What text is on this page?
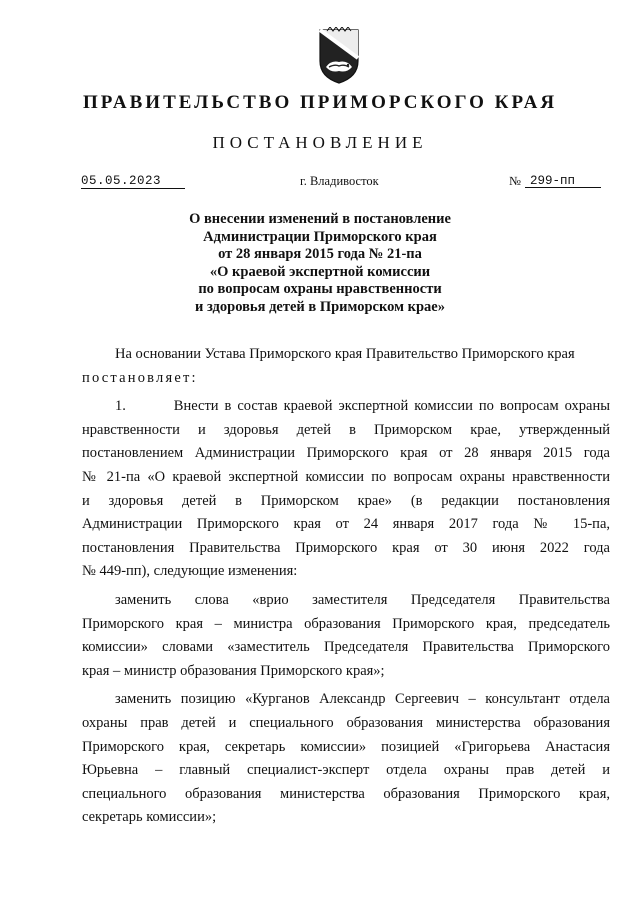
ПРАВИТЕЛЬСТВО ПРИМОРСКОГО КРАЯ
ПОСТАНОВЛЕНИЕ
05.05.2023	г. Владивосток	№ 299-пп
О внесении изменений в постановление
Администрации Приморского края
от 28 января 2015 года № 21-па
«О краевой экспертной комиссии
по вопросам охраны нравственности
и здоровья детей в Приморском крае»
На основании Устава Приморского края Правительство Приморского края
постановляет:
1.        Внести в состав краевой экспертной комиссии по вопросам охраны
нравственности и здоровья детей в Приморском крае, утвержденный
постановлением Администрации Приморского края от 28 января 2015 года
№ 21-па «О краевой экспертной комиссии по вопросам охраны нравственности
и здоровья детей в Приморском крае» (в редакции постановления
Администрации Приморского края от 24 января 2017 года № 15-па,
постановления Правительства Приморского края от 30 июня 2022 года
№ 449-пп), следующие изменения:
заменить слова «врио заместителя Председателя Правительства
Приморского края – министра образования Приморского края, председатель
комиссии» словами «заместитель Председателя Правительства Приморского
края – министр образования Приморского края»;
заменить позицию «Курганов Александр Сергеевич – консультант отдела
охраны прав детей и специального образования министерства образования
Приморского края, секретарь комиссии» позицией «Григорьева Анастасия
Юрьевна – главный специалист-эксперт отдела охраны прав детей и
специального образования министерства образования Приморского края,
секретарь комиссии»;
